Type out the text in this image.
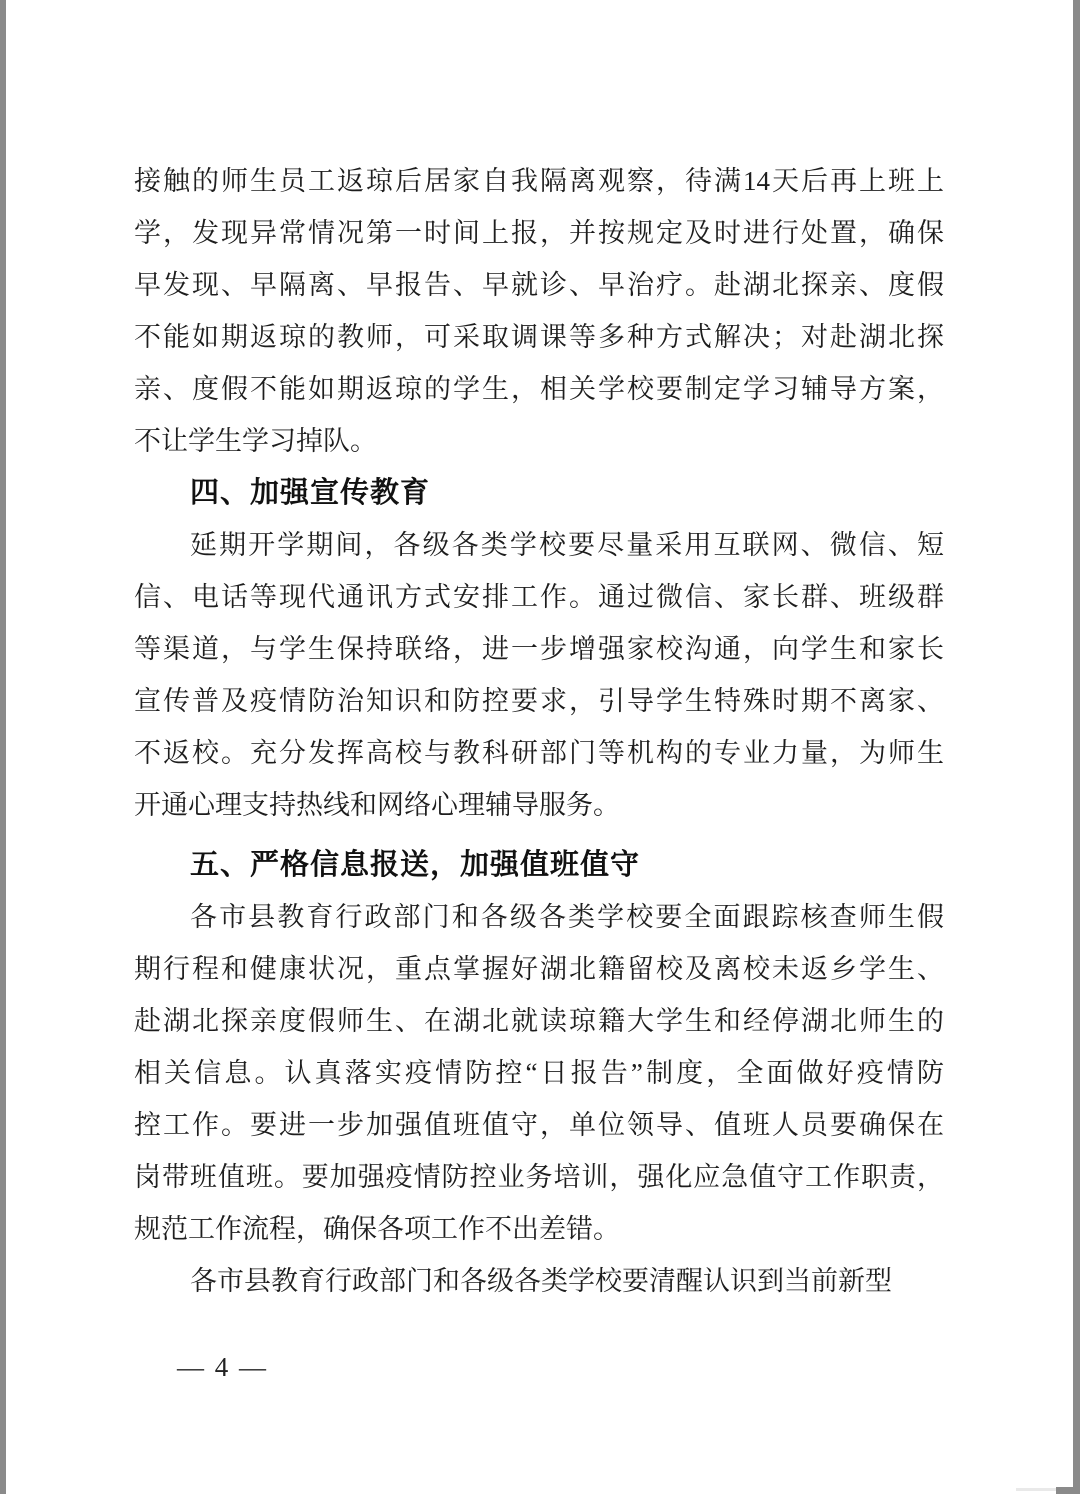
接触的师生员工返琼后居家自我隔离观察，待满14天后再上班上
学，发现异常情况第一时间上报，并按规定及时进行处置，确保
早发现、早隔离、早报告、早就诊、早治疗。赴湖北探亲、度假
不能如期返琼的教师，可采取调课等多种方式解决；对赴湖北探
亲、度假不能如期返琼的学生，相关学校要制定学习辅导方案，
不让学生学习掉队。
四、加强宣传教育
延期开学期间，各级各类学校要尽量采用互联网、微信、短
信、电话等现代通讯方式安排工作。通过微信、家长群、班级群
等渠道，与学生保持联络，进一步增强家校沟通，向学生和家长
宣传普及疫情防治知识和防控要求，引导学生特殊时期不离家、
不返校。充分发挥高校与教科研部门等机构的专业力量，为师生
开通心理支持热线和网络心理辅导服务。
五、严格信息报送，加强值班值守
各市县教育行政部门和各级各类学校要全面跟踪核查师生假
期行程和健康状况，重点掌握好湖北籍留校及离校未返乡学生、
赴湖北探亲度假师生、在湖北就读琼籍大学生和经停湖北师生的
相关信息。认真落实疫情防控“日报告”制度，全面做好疫情防
控工作。要进一步加强值班值守，单位领导、值班人员要确保在
岗带班值班。要加强疫情防控业务培训，强化应急值守工作职责，
规范工作流程，确保各项工作不出差错。
各市县教育行政部门和各级各类学校要清醒认识到当前新型
— 4 —
